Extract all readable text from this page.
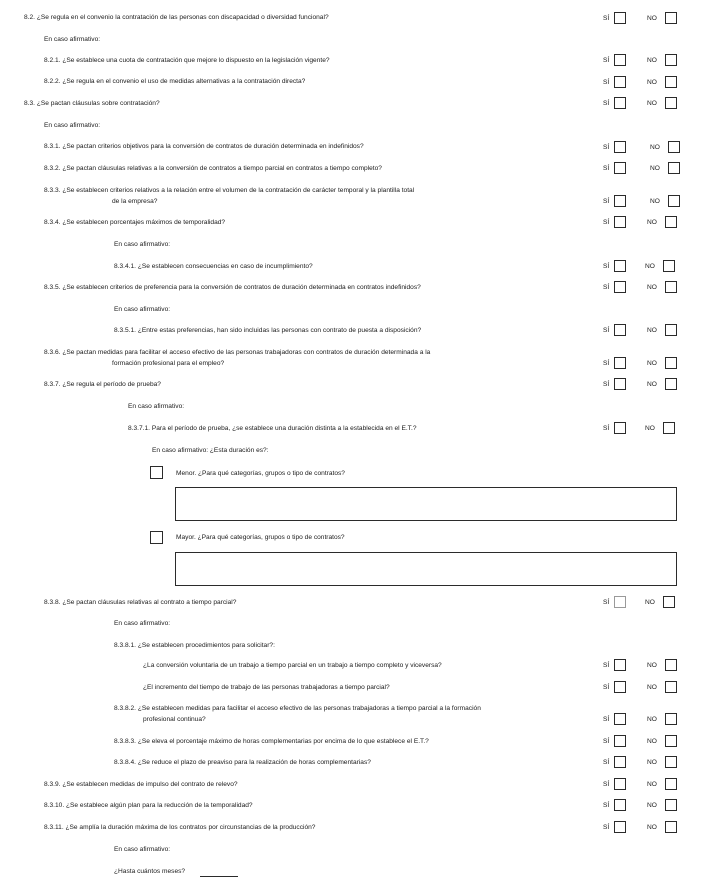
8.2. ¿Se regula en el convenio la contratación de las personas con discapacidad o diversidad funcional?	SÍ	NO
En caso afirmativo:
8.2.1. ¿Se establece una cuota de contratación que mejore lo dispuesto en la legislación vigente?	SÍ	NO
8.2.2. ¿Se regula en el convenio el uso de medidas alternativas a la contratación directa?	SÍ	NO
8.3. ¿Se pactan cláusulas sobre contratación?	SÍ	NO
En caso afirmativo:
8.3.1. ¿Se pactan criterios objetivos para la conversión de contratos de duración determinada en indefinidos?	SÍ	NO
8.3.2. ¿Se pactan cláusulas relativas a la conversión de contratos a tiempo parcial en contratos a tiempo completo?	SÍ	NO
8.3.3. ¿Se establecen criterios relativos a la relación entre el volumen de la contratación de carácter temporal y la plantilla total
de la empresa?	SÍ	NO
8.3.4. ¿Se establecen porcentajes máximos de temporalidad?	SÍ	NO
En caso afirmativo:
8.3.4.1. ¿Se establecen consecuencias en caso de incumplimiento?	SÍ	NO
8.3.5. ¿Se establecen criterios de preferencia para la conversión de contratos de duración determinada en contratos indefinidos?	SÍ	NO
En caso afirmativo:
8.3.5.1. ¿Entre estas preferencias, han sido incluidas las personas con contrato de puesta a disposición?	SÍ	NO
8.3.6. ¿Se pactan medidas para facilitar el acceso efectivo de las personas trabajadoras con contratos de duración determinada a la
formación profesional para el empleo?	SÍ	NO
8.3.7. ¿Se regula el período de prueba?	SÍ	NO
En caso afirmativo:
8.3.7.1. Para el período de prueba, ¿se establece una duración distinta a la establecida en el E.T.?	SÍ	NO
En caso afirmativo: ¿Esta duración es?:
Menor. ¿Para qué categorías, grupos o tipo de contratos?
Mayor. ¿Para qué categorías, grupos o tipo de contratos?
8.3.8. ¿Se pactan cláusulas relativas al contrato a tiempo parcial?	SÍ	NO
En caso afirmativo:
8.3.8.1. ¿Se establecen procedimientos para solicitar?:
¿La conversión voluntaria de un trabajo a tiempo parcial en un trabajo a tiempo completo y viceversa?	SÍ	NO
¿El incremento del tiempo de trabajo de las personas trabajadoras a tiempo parcial?	SÍ	NO
8.3.8.2. ¿Se establecen medidas para facilitar el acceso efectivo de las personas trabajadoras a tiempo parcial a la formación
profesional continua?	SÍ	NO
8.3.8.3. ¿Se eleva el porcentaje máximo de horas complementarias por encima de lo que establece el E.T.?	SÍ	NO
8.3.8.4. ¿Se reduce el plazo de preaviso para la realización de horas complementarias?	SÍ	NO
8.3.9. ¿Se establecen medidas de impulso del contrato de relevo?	SÍ	NO
8.3.10. ¿Se establece algún plan para la reducción de la temporalidad?	SÍ	NO
8.3.11. ¿Se amplía la duración máxima de los contratos por circunstancias de la producción?	SÍ	NO
En caso afirmativo:
¿Hasta cuántos meses?
